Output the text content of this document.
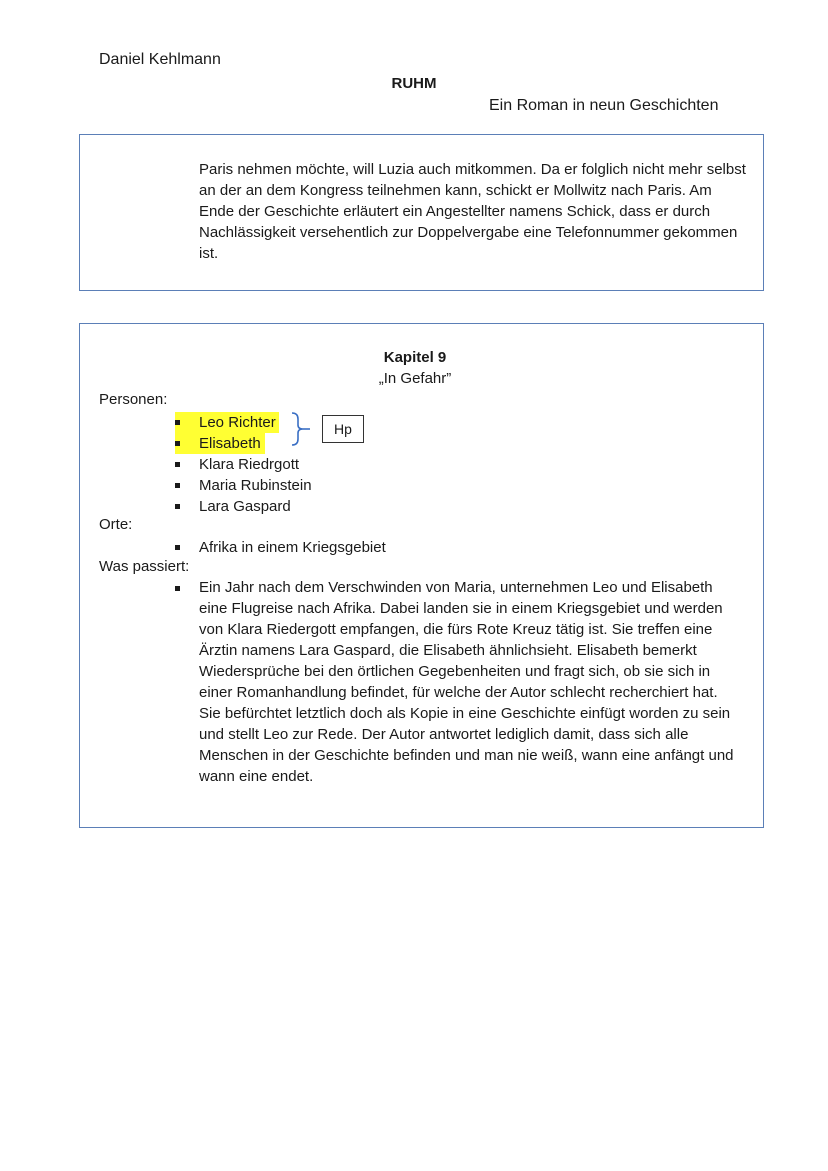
Daniel Kehlmann
RUHM
Ein Roman in neun Geschichten

Paris nehmen möchte, will Luzia auch mitkommen. Da er folglich nicht mehr selbst an der an dem Kongress teilnehmen kann, schickt er Mollwitz nach Paris. Am Ende der Geschichte erläutert ein Angestellter namens Schick, dass er durch Nachlässigkeit versehentlich zur Doppelvergabe eine Telefonnummer gekommen ist.

Kapitel 9
„In Gefahr”
Personen:
Leo Richter
Elisabeth
Klara Riedrgott
Maria Rubinstein
Lara Gaspard
Hp
Orte:
Afrika in einem Kriegsgebiet
Was passiert:

Ein Jahr nach dem Verschwinden von Maria, unternehmen Leo und Elisabeth eine Flugreise nach Afrika. Dabei landen sie in einem Kriegsgebiet und werden von Klara Riedergott empfangen, die fürs Rote Kreuz tätig ist. Sie treffen eine Ärztin namens Lara Gaspard, die Elisabeth ähnlichsieht. Elisabeth bemerkt Wiedersprüche bei den örtlichen Gegebenheiten und fragt sich, ob sie sich in einer Romanhandlung befindet, für welche der Autor schlecht recherchiert hat. Sie befürchtet letztlich doch als Kopie in eine Geschichte einfügt worden zu sein und stellt Leo zur Rede. Der Autor antwortet lediglich damit, dass sich alle Menschen in der Geschichte befinden und man nie weiß, wann eine anfängt und wann eine endet.
